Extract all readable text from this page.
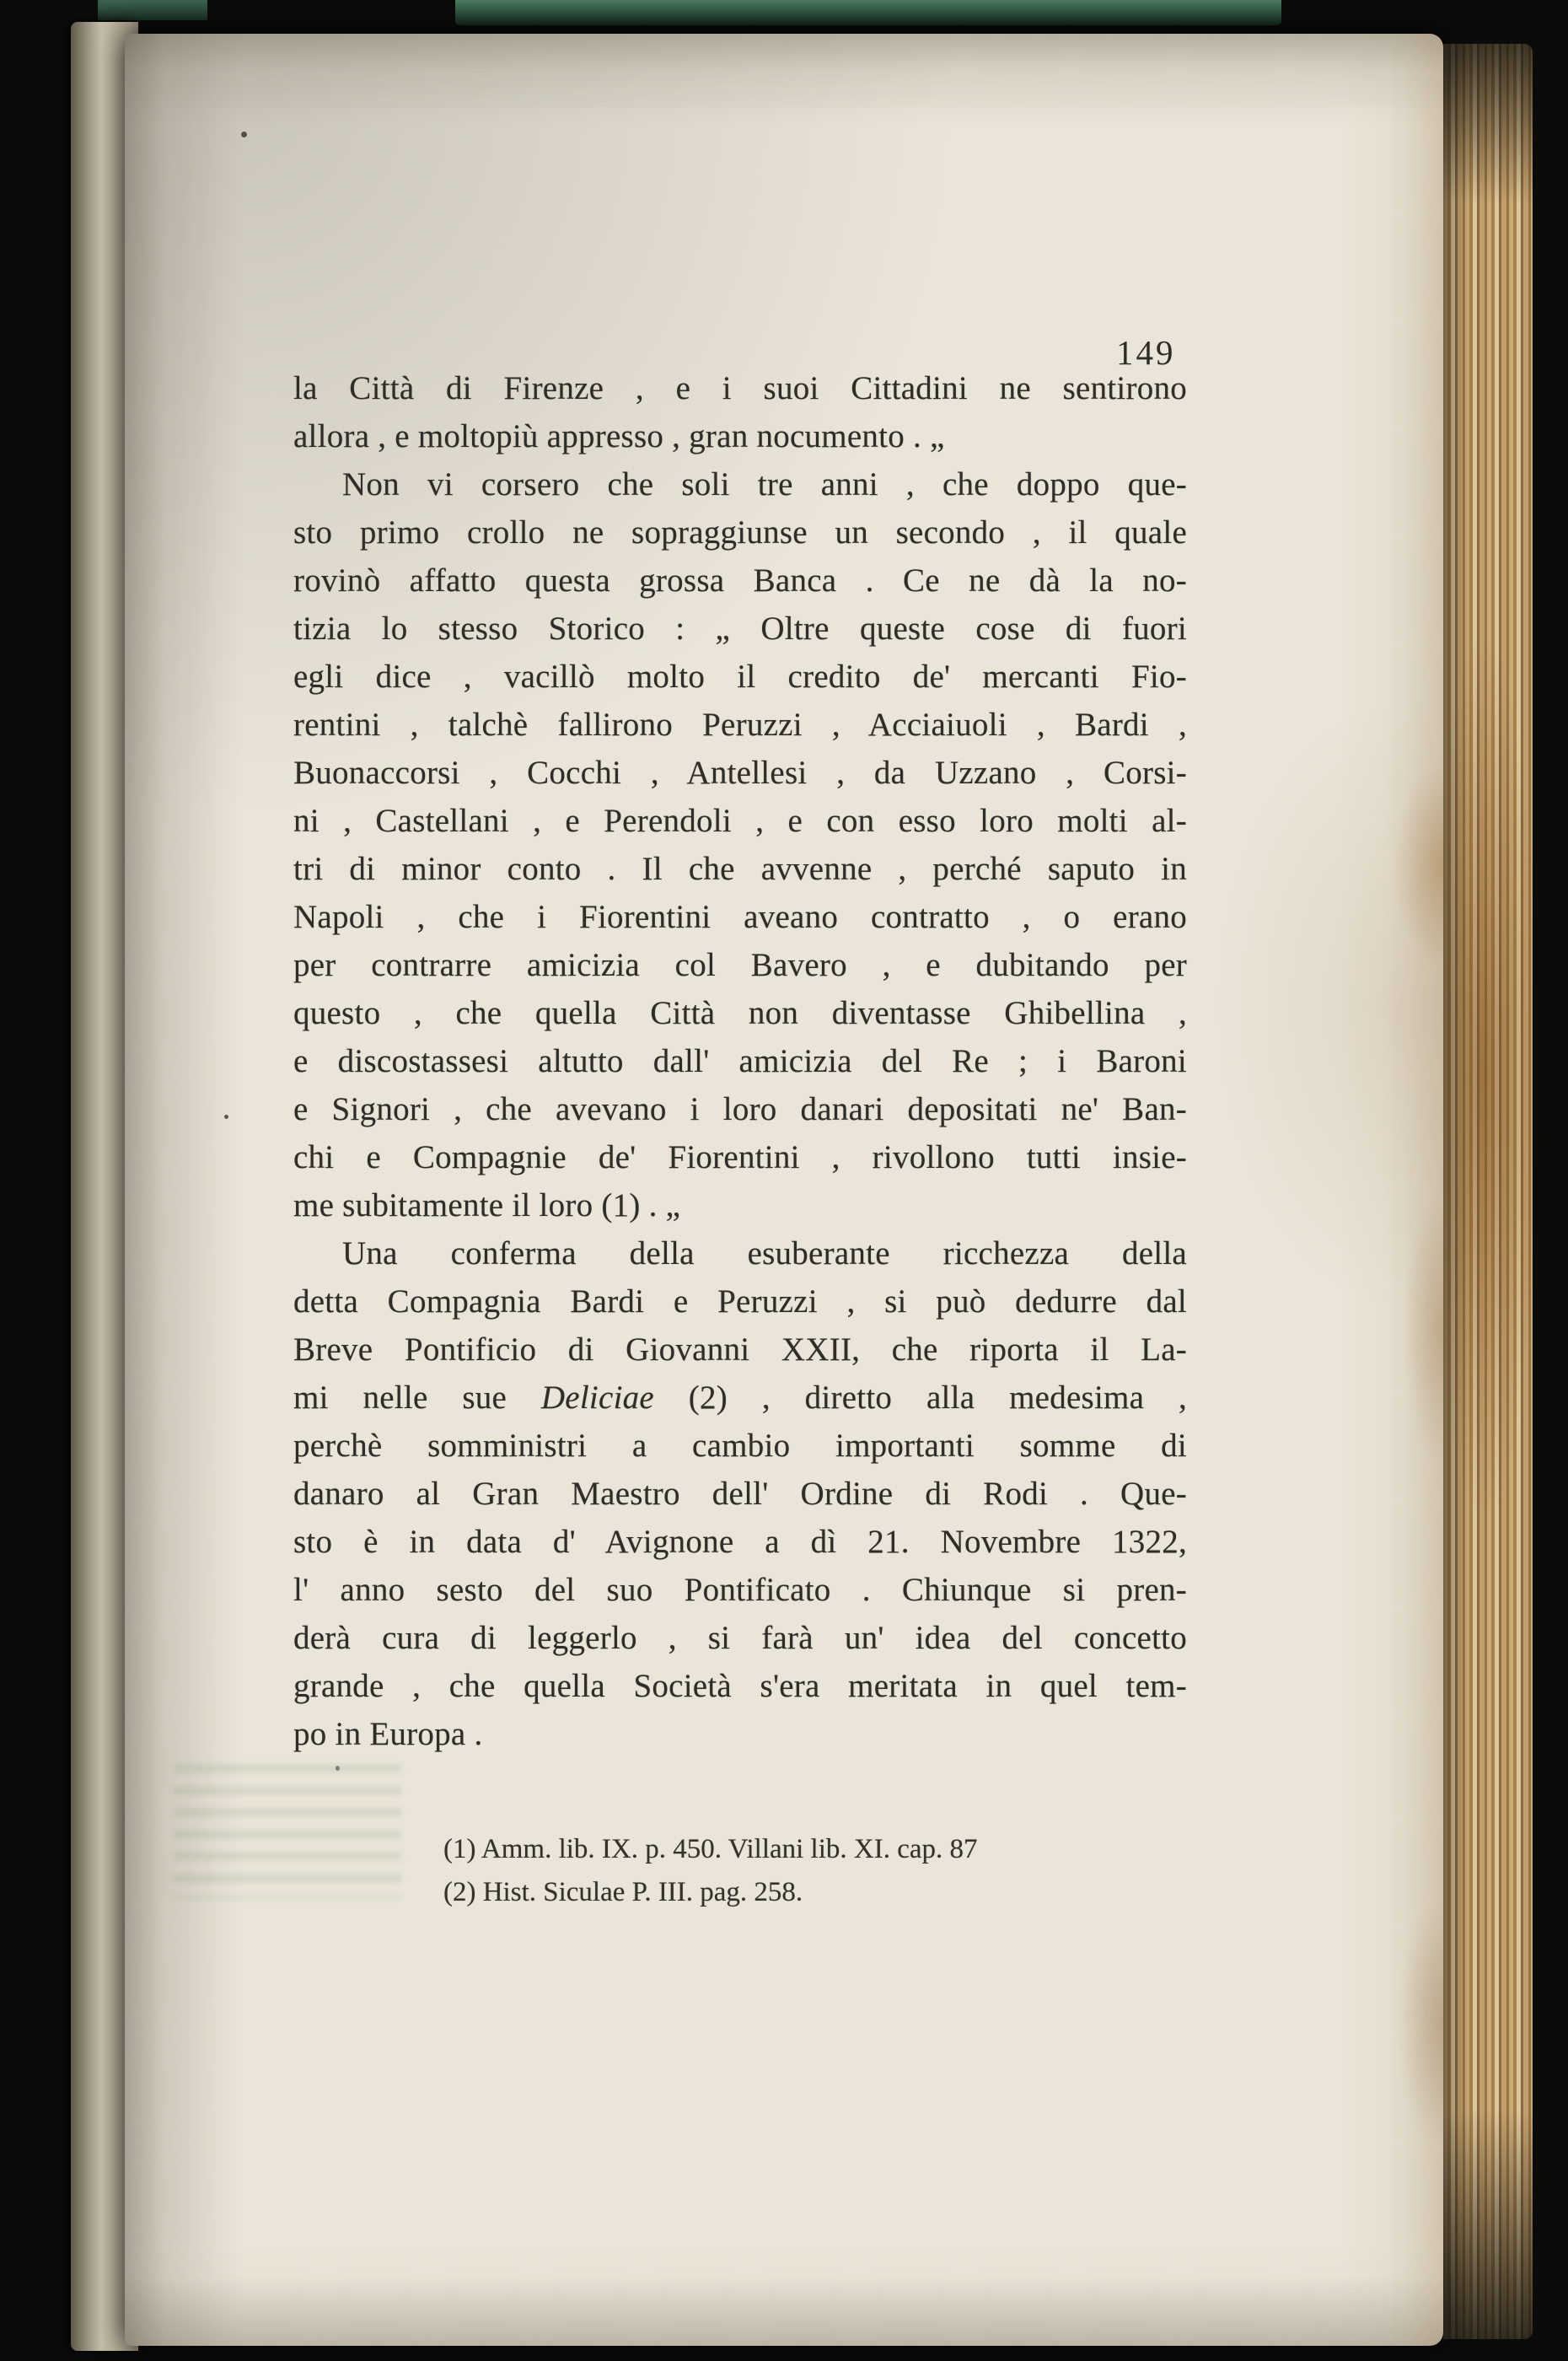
149
la Città di Firenze , e i suoi Cittadini ne sentirono
allora , e moltopiù appresso , gran nocumento . „
Non vi corsero che soli tre anni , che doppo que-
sto primo crollo ne sopraggiunse un secondo , il quale
rovinò affatto questa grossa Banca . Ce ne dà la no-
tizia lo stesso Storico : „ Oltre queste cose di fuori
egli dice , vacillò molto il credito de' mercanti Fio-
rentini , talchè fallirono Peruzzi , Acciaiuoli , Bardi ,
Buonaccorsi , Cocchi , Antellesi , da Uzzano , Corsi-
ni , Castellani , e Perendoli , e con esso loro molti al-
tri di minor conto . Il che avvenne , perché saputo in
Napoli , che i Fiorentini aveano contratto , o erano
per contrarre amicizia col Bavero , e dubitando per
questo , che quella Città non diventasse Ghibellina ,
e discostassesi altutto dall' amicizia del Re ; i Baroni
e Signori , che avevano i loro danari depositati ne' Ban-
chi e Compagnie de' Fiorentini , rivollono tutti insie-
me subitamente il loro (1) . „
Una conferma della esuberante ricchezza della
detta Compagnia Bardi e Peruzzi , si può dedurre dal
Breve Pontificio di Giovanni XXII, che riporta il La-
mi nelle sue Deliciae (2) , diretto alla medesima ,
perchè somministri a cambio importanti somme di
danaro al Gran Maestro dell' Ordine di Rodi . Que-
sto è in data d' Avignone a dì 21. Novembre 1322,
l' anno sesto del suo Pontificato . Chiunque si pren-
derà cura di leggerlo , si farà un' idea del concetto
grande , che quella Società s'era meritata in quel tem-
po in Europa .
(1) Amm. lib. IX. p. 450. Villani lib. XI. cap. 87
(2) Hist. Siculae P. III. pag. 258.
